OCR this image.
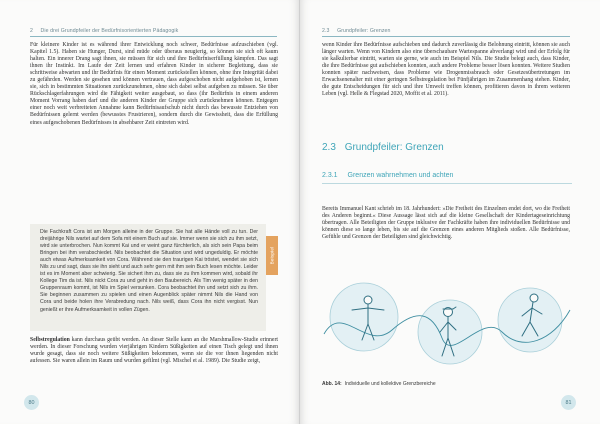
2 Die drei Grundpfeiler der Bedürfnisorientierten Pädagogik

Für kleinere Kinder ist es während ihrer Entwicklung noch schwer, Bedürfnisse aufzuschieben (vgl. Kapitel 1.5). Haben sie Hunger, Durst, sind müde oder überaus neugierig, so können sie sich oft kaum halten. Ein innerer Drang sagt ihnen, sie müssen für sich und ihre Bedürfniserfüllung kämpfen. Das sagt ihnen ihr Instinkt. Im Laufe der Zeit lernen und erfahren Kinder in sicherer Begleitung, dass sie schrittweise abwarten und ihr Bedürfnis für einen Moment zurückstellen können, ohne ihre Integrität dabei zu gefährden. Werden sie gesehen und können vertrauen, dass aufgeschoben nicht aufgehoben ist, lernen sie, sich in bestimmten Situationen zurückzunehmen, ohne sich dabei selbst aufgeben zu müssen. Sie über Rückschlagerfahrungen wird die Fähigkeit weiter ausgebaut, so dass (ihr Bedürfnis in einem anderen Moment Vorrang haben darf und die anderen Kinder der Gruppe sich zurücknehmen können. Entgegen einer noch weit verbreiteten Annahme kann Bedürfnisaufschub nicht durch das bewusste Entziehen von Bedürfnissen gelernt werden (bewusstes Frustrieren), sondern durch die Gewissheit, dass die Erfüllung eines aufgeschobenen Bedürfnisses in absehbarer Zeit eintreten wird.

Die Fachkraft Cora ist am Morgen alleine in der Gruppe. Sie hat alle Hände voll zu tun. Der dreijährige Nils wartet auf dem Sofa mit einem Buch auf sie. Immer wenn sie sich zu ihm setzt, wird sie unterbrochen. Nun kommt Kai und er weint ganz fürchterlich, als sich sein Papa beim Bringen bei ihm verabschiedet. Nils beobachtet die Situation und wird ungeduldig. Er möchte auch etwas Aufmerksamkeit von Cora. Während sie den traurigen Kai tröstet, wendet sie sich Nils zu und sagt, dass sie ihn sieht und auch sehr gern mit ihm sein Buch lesen möchte. Leider ist es im Moment aber schwierig. Sie sichert ihm zu, dass sie zu ihm kommen wird, sobald ihr Kollege Tim da ist. Nils nickt Cora zu und geht in den Baubereich. Als Tim wenig später in den Gruppenraum kommt, ist Nils im Spiel versunken. Cora beobachtet ihn und setzt sich zu ihm. Sie beginnen zusammen zu spielen und einen Augenblick später nimmt Nils die Hand von Cora und beide holen ihre Verabredung nach. Nils weiß, dass Cora ihn nicht vergisst. Nun genießt er ihre Aufmerksamkeit in vollen Zügen.

Beispiel

Selbstregulation kann durchaus geübt werden. An dieser Stelle kann an die Marshmallow-Studie erinnert werden. In dieser Forschung wurden vierjährigen Kindern Süßigkeiten auf einen Tisch gelegt und ihnen wurde gesagt, dass sie noch weitere Süßigkeiten bekommen, wenn sie die vor ihnen liegenden nicht aufessen. Sie waren allein im Raum und wurden gefilmt (vgl. Mischel et al. 1989). Die Studie zeigt,

80
2.3 Grundpfeiler: Grenzen

wenn Kinder ihre Bedürfnisse aufschieben und dadurch zuverlässig die Belohnung eintritt, können sie auch länger warten. Wenn von Kindern also eine überschaubare Wartespanne abverlangt wird und der Erfolg für sie kalkulierbar eintritt, warten sie gerne, wie auch im Beispiel Nils. Die Studie belegt auch, dass Kinder, die ihre Bedürfnisse gut aufschieben konnten, auch andere Probleme besser lösen konnten. Weitere Studien konnten später nachweisen, dass Probleme wie Drogenmissbrauch oder Gesetzesübertretungen im Erwachsenenalter mit einer geringen Selbstregulation bei Fünfjährigen im Zusammenhang stehen. Kinder, die gute Entscheidungen für sich und ihre Umwelt treffen können, profitieren davon in ihrem weiteren Leben (vgl. Helle & Flegstad 2020, Moffit et al. 2011).

2.3 Grundpfeiler: Grenzen
2.3.1 Grenzen wahrnehmen und achten

Bereits Immanuel Kant schrieb im 18. Jahrhundert: »Die Freiheit des Einzelnen endet dort, wo die Freiheit des Anderen beginnt.« Diese Aussage lässt sich auf die kleine Gesellschaft der Kindertageseinrichtung übertragen. Alle Beteiligten der Gruppe inklusive der Fachkräfte haben ihre individuellen Bedürfnisse und können diese so lange leben, bis sie auf die Grenzen eines anderen Mitglieds stoßen. Alle Bedürfnisse, Gefühle und Grenzen der Beteiligten sind gleichwichtig.

Abb. 14: Individuelle und kollektive Grenzbereiche
81
